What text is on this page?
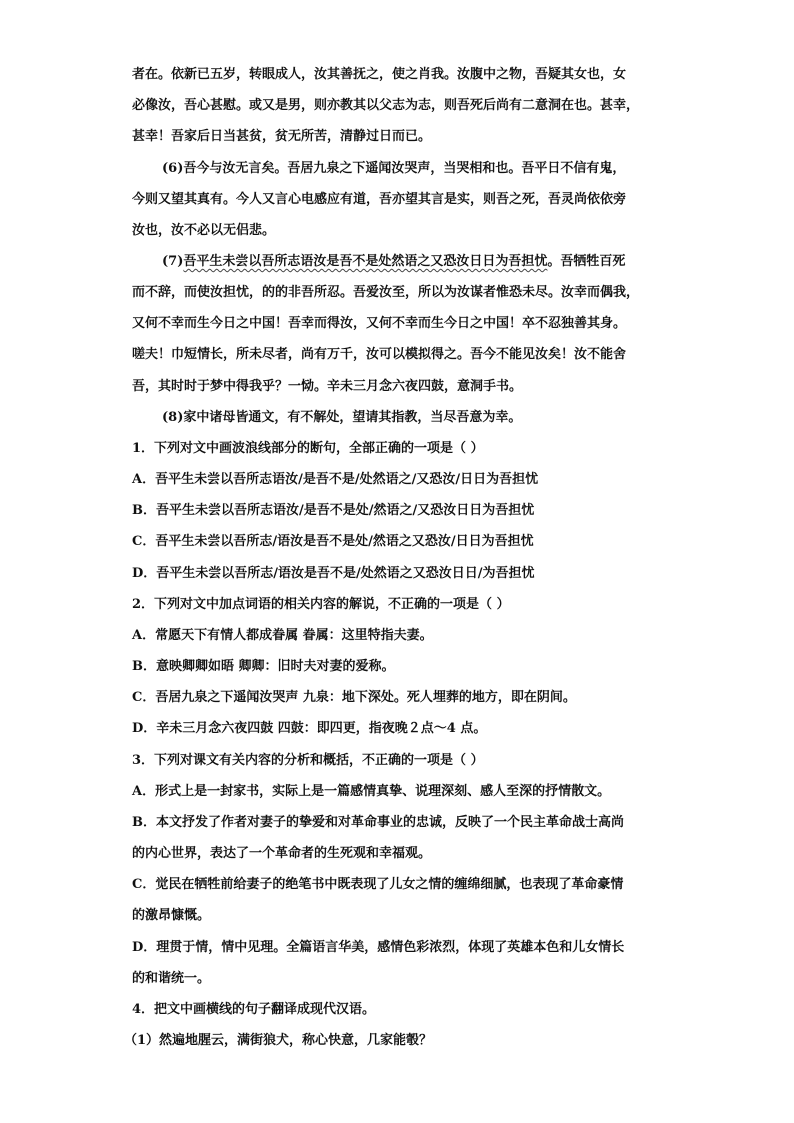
者在。依新已五岁，转眼成人，汝其善抚之，使之肖我。汝腹中之物，吾疑其女也，女
必像汝，吾心甚慰。或又是男，则亦教其以父志为志，则吾死后尚有二意洞在也。甚幸，
甚幸！吾家后日当甚贫，贫无所苦，清静过日而已。
(6)吾今与汝无言矣。吾居九泉之下遥闻汝哭声，当哭相和也。吾平日不信有鬼，
今则又望其真有。今人又言心电感应有道，吾亦望其言是实，则吾之死，吾灵尚依依旁
汝也，汝不必以无侣悲。
(7)吾平生未尝以吾所志语汝是吾不是处然语之又恐汝日日为吾担忧。吾牺牲百死
而不辞，而使汝担忧，的的非吾所忍。吾爱汝至，所以为汝谋者惟恐未尽。汝幸而偶我，
又何不幸而生今日之中国！吾幸而得汝，又何不幸而生今日之中国！卒不忍独善其身。
嗟夫！巾短情长，所未尽者，尚有万千，汝可以模拟得之。吾今不能见汝矣！汝不能舍
吾，其时时于梦中得我乎？一恸。辛未三月念六夜四鼓，意洞手书。
(8)家中诸母皆通文，有不解处，望请其指教，当尽吾意为幸。
1．下列对文中画波浪线部分的断句，全部正确的一项是（ ）
A．吾平生未尝以吾所志语汝/是吾不是/处然语之/又恐汝/日日为吾担忧
B．吾平生未尝以吾所志语汝/是吾不是处/然语之/又恐汝日日为吾担忧
C．吾平生未尝以吾所志/语汝是吾不是处/然语之又恐汝/日日为吾担忧
D．吾平生未尝以吾所志/语汝是吾不是/处然语之又恐汝日日/为吾担忧
2．下列对文中加点词语的相关内容的解说，不正确的一项是（ ）
A．常愿天下有情人都成眷属 眷属：这里特指夫妻。
B．意映卿卿如晤 卿卿：旧时夫对妻的爱称。
C．吾居九泉之下遥闻汝哭声 九泉：地下深处。死人埋葬的地方，即在阴间。
D．辛未三月念六夜四鼓 四鼓：即四更，指夜晚２点～4 点。
3．下列对课文有关内容的分析和概括，不正确的一项是（ ）
A．形式上是一封家书，实际上是一篇感情真挚、说理深刻、感人至深的抒情散文。
B．本文抒发了作者对妻子的挚爱和对革命事业的忠诚，反映了一个民主革命战士高尚
的内心世界，表达了一个革命者的生死观和幸福观。
C．觉民在牺牲前给妻子的绝笔书中既表现了儿女之情的缠绵细腻，也表现了革命豪情
的激昂慷慨。
D．理贯于情，情中见理。全篇语言华美，感情色彩浓烈，体现了英雄本色和儿女情长
的和谐统一。
4．把文中画横线的句子翻译成现代汉语。
（1）然遍地腥云，满街狼犬，称心快意，几家能彀？
